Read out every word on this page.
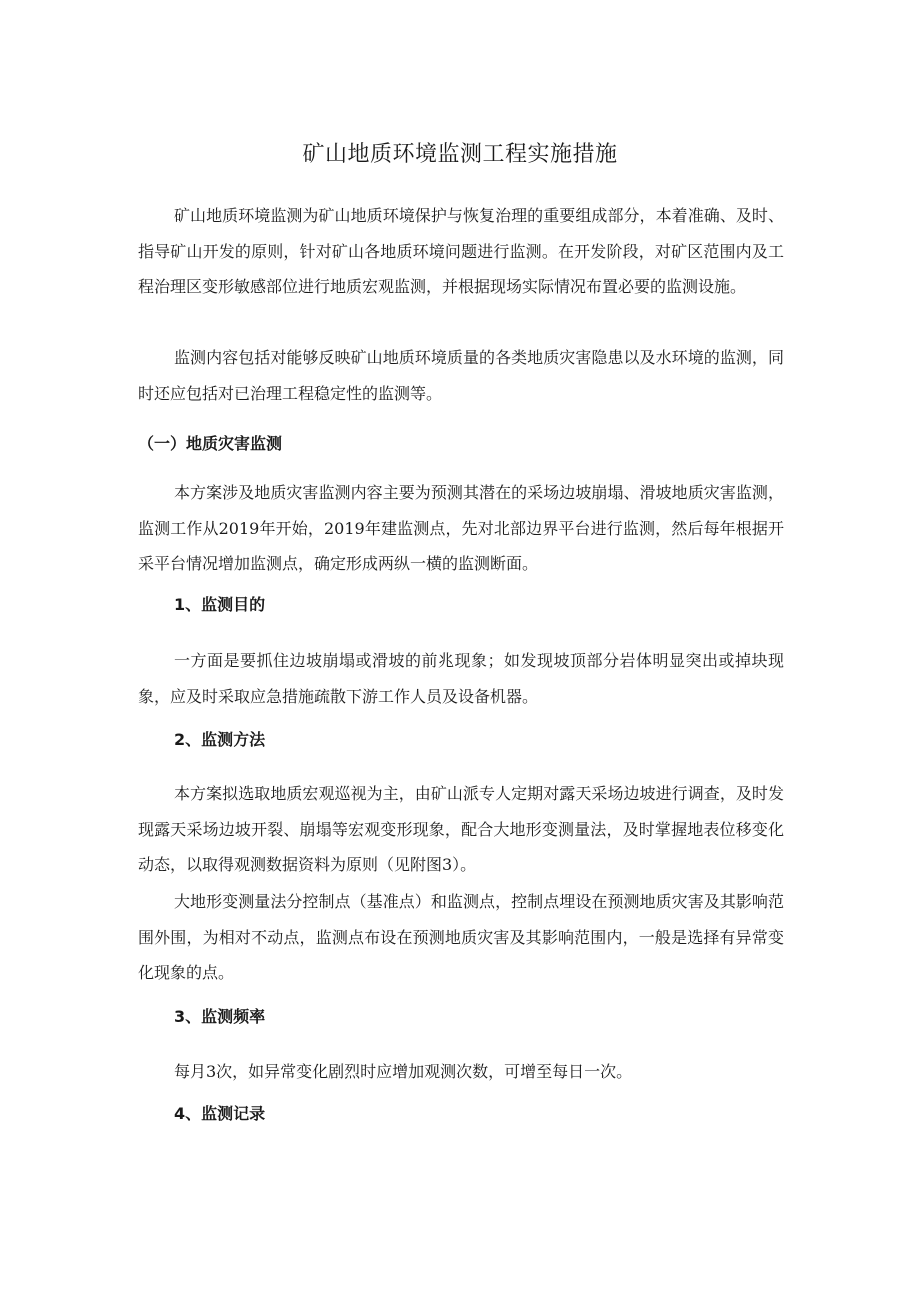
矿山地质环境监测工程实施措施

矿山地质环境监测为矿山地质环境保护与恢复治理的重要组成部分，本着准确、及时、指导矿山开发的原则，针对矿山各地质环境问题进行监测。在开发阶段，对矿区范围内及工程治理区变形敏感部位进行地质宏观监测，并根据现场实际情况布置必要的监测设施。

监测内容包括对能够反映矿山地质环境质量的各类地质灾害隐患以及水环境的监测，同时还应包括对已治理工程稳定性的监测等。

（一）地质灾害监测

本方案涉及地质灾害监测内容主要为预测其潜在的采场边坡崩塌、滑坡地质灾害监测，监测工作从2019年开始，2019年建监测点，先对北部边界平台进行监测，然后每年根据开采平台情况增加监测点，确定形成两纵一横的监测断面。

1、监测目的

一方面是要抓住边坡崩塌或滑坡的前兆现象；如发现坡顶部分岩体明显突出或掉块现象，应及时采取应急措施疏散下游工作人员及设备机器。

2、监测方法

本方案拟选取地质宏观巡视为主，由矿山派专人定期对露天采场边坡进行调查，及时发现露天采场边坡开裂、崩塌等宏观变形现象，配合大地形变测量法，及时掌握地表位移变化动态，以取得观测数据资料为原则（见附图3）。

大地形变测量法分控制点（基准点）和监测点，控制点埋设在预测地质灾害及其影响范围外围，为相对不动点，监测点布设在预测地质灾害及其影响范围内，一般是选择有异常变化现象的点。

3、监测频率

每月3次，如异常变化剧烈时应增加观测次数，可增至每日一次。

4、监测记录
